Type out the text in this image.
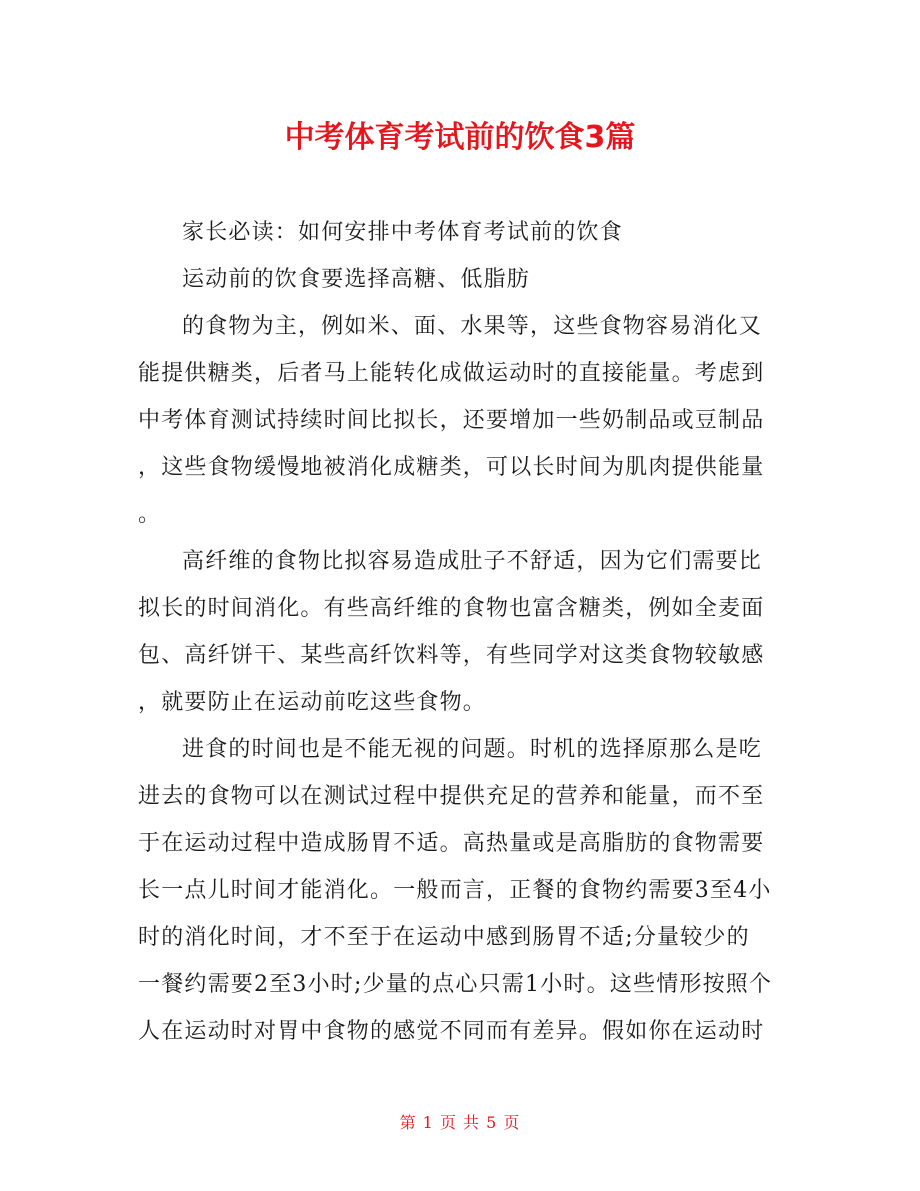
中考体育考试前的饮食3篇
家长必读：如何安排中考体育考试前的饮食
运动前的饮食要选择高糖、低脂肪
的食物为主，例如米、面、水果等，这些食物容易消化又
能提供糖类，后者马上能转化成做运动时的直接能量。考虑到
中考体育测试持续时间比拟长，还要增加一些奶制品或豆制品
，这些食物缓慢地被消化成糖类，可以长时间为肌肉提供能量
。
高纤维的食物比拟容易造成肚子不舒适，因为它们需要比
拟长的时间消化。有些高纤维的食物也富含糖类，例如全麦面
包、高纤饼干、某些高纤饮料等，有些同学对这类食物较敏感
，就要防止在运动前吃这些食物。
进食的时间也是不能无视的问题。时机的选择原那么是吃
进去的食物可以在测试过程中提供充足的营养和能量，而不至
于在运动过程中造成肠胃不适。高热量或是高脂肪的食物需要
长一点儿时间才能消化。一般而言，正餐的食物约需要3至4小
时的消化时间，才不至于在运动中感到肠胃不适;分量较少的
一餐约需要2至3小时;少量的点心只需1小时。这些情形按照个
人在运动时对胃中食物的感觉不同而有差异。假如你在运动时
第 1 页 共 5 页
